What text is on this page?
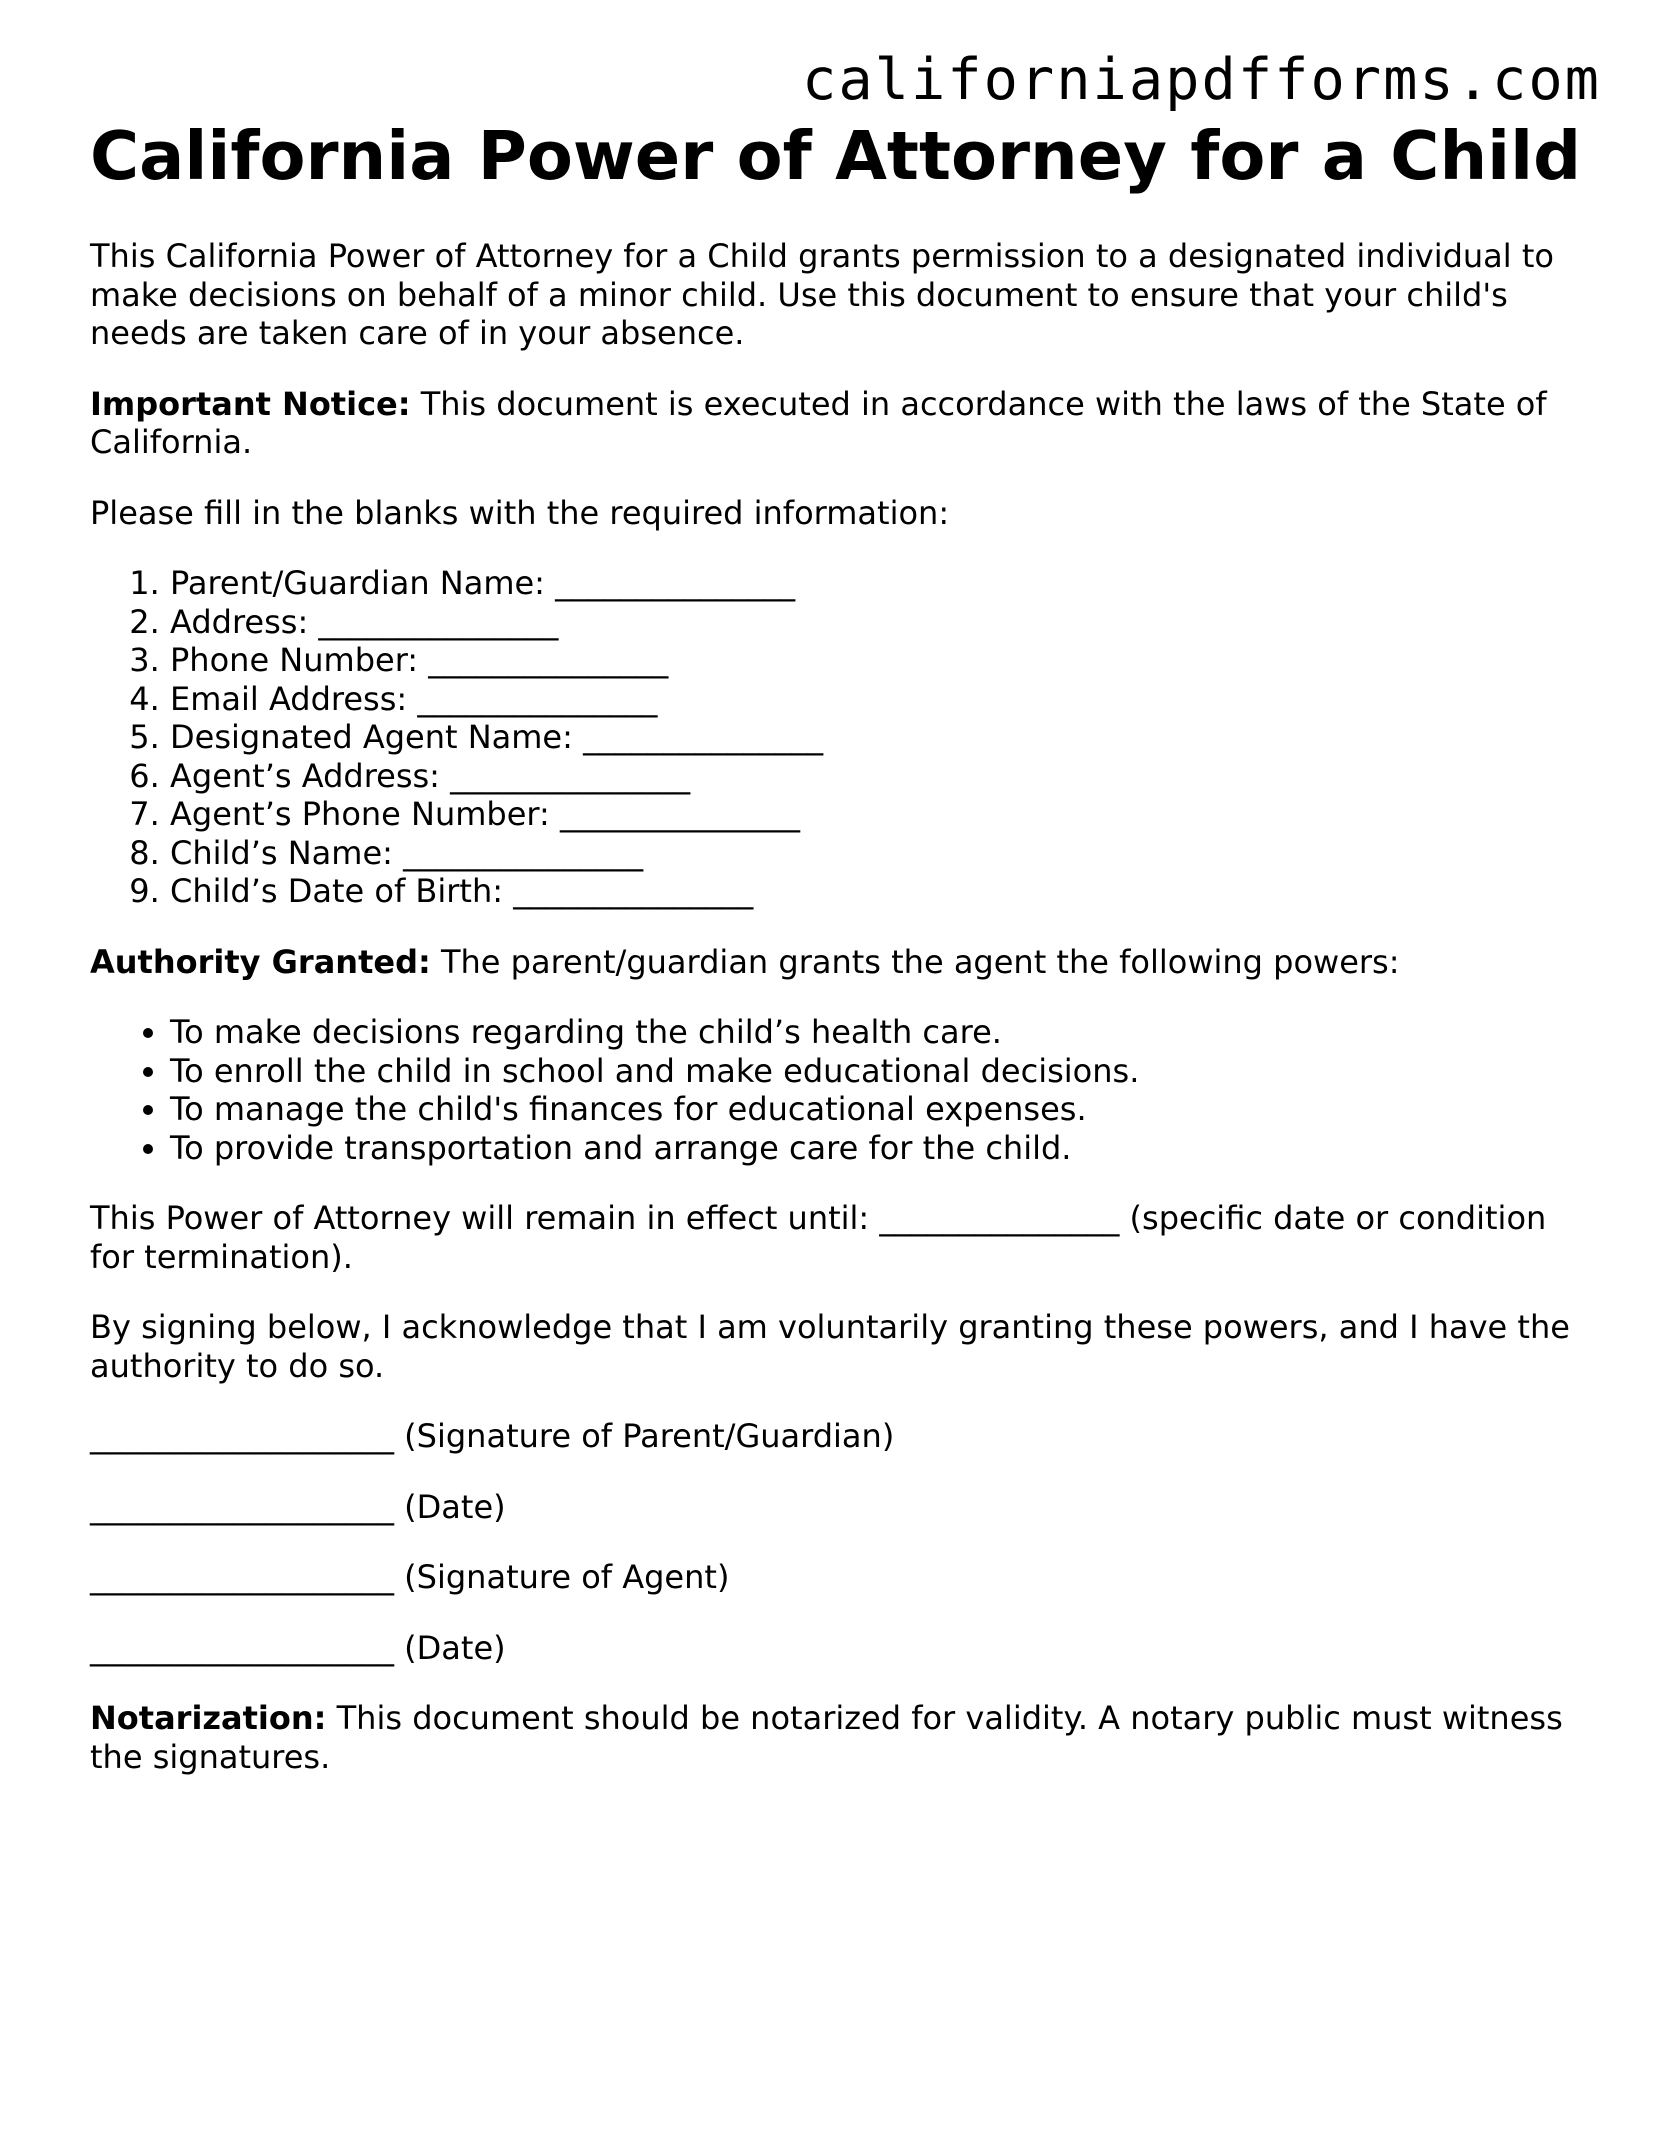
californiapdfforms.com
California Power of Attorney for a Child

This California Power of Attorney for a Child grants permission to a designated individual to make decisions on behalf of a minor child. Use this document to ensure that your child's needs are taken care of in your absence.

Important Notice: This document is executed in accordance with the laws of the State of California.

Please fill in the blanks with the required information:

1. Parent/Guardian Name: _______________
2. Address: _______________
3. Phone Number: _______________
4. Email Address: _______________
5. Designated Agent Name: _______________
6. Agent’s Address: _______________
7. Agent’s Phone Number: _______________
8. Child’s Name: _______________
9. Child’s Date of Birth: _______________

Authority Granted: The parent/guardian grants the agent the following powers:

• To make decisions regarding the child’s health care.
• To enroll the child in school and make educational decisions.
• To manage the child's finances for educational expenses.
• To provide transportation and arrange care for the child.

This Power of Attorney will remain in effect until: _______________ (specific date or condition for termination).

By signing below, I acknowledge that I am voluntarily granting these powers, and I have the authority to do so.

___________________ (Signature of Parent/Guardian)

___________________ (Date)

___________________ (Signature of Agent)

___________________ (Date)

Notarization: This document should be notarized for validity. A notary public must witness the signatures.
